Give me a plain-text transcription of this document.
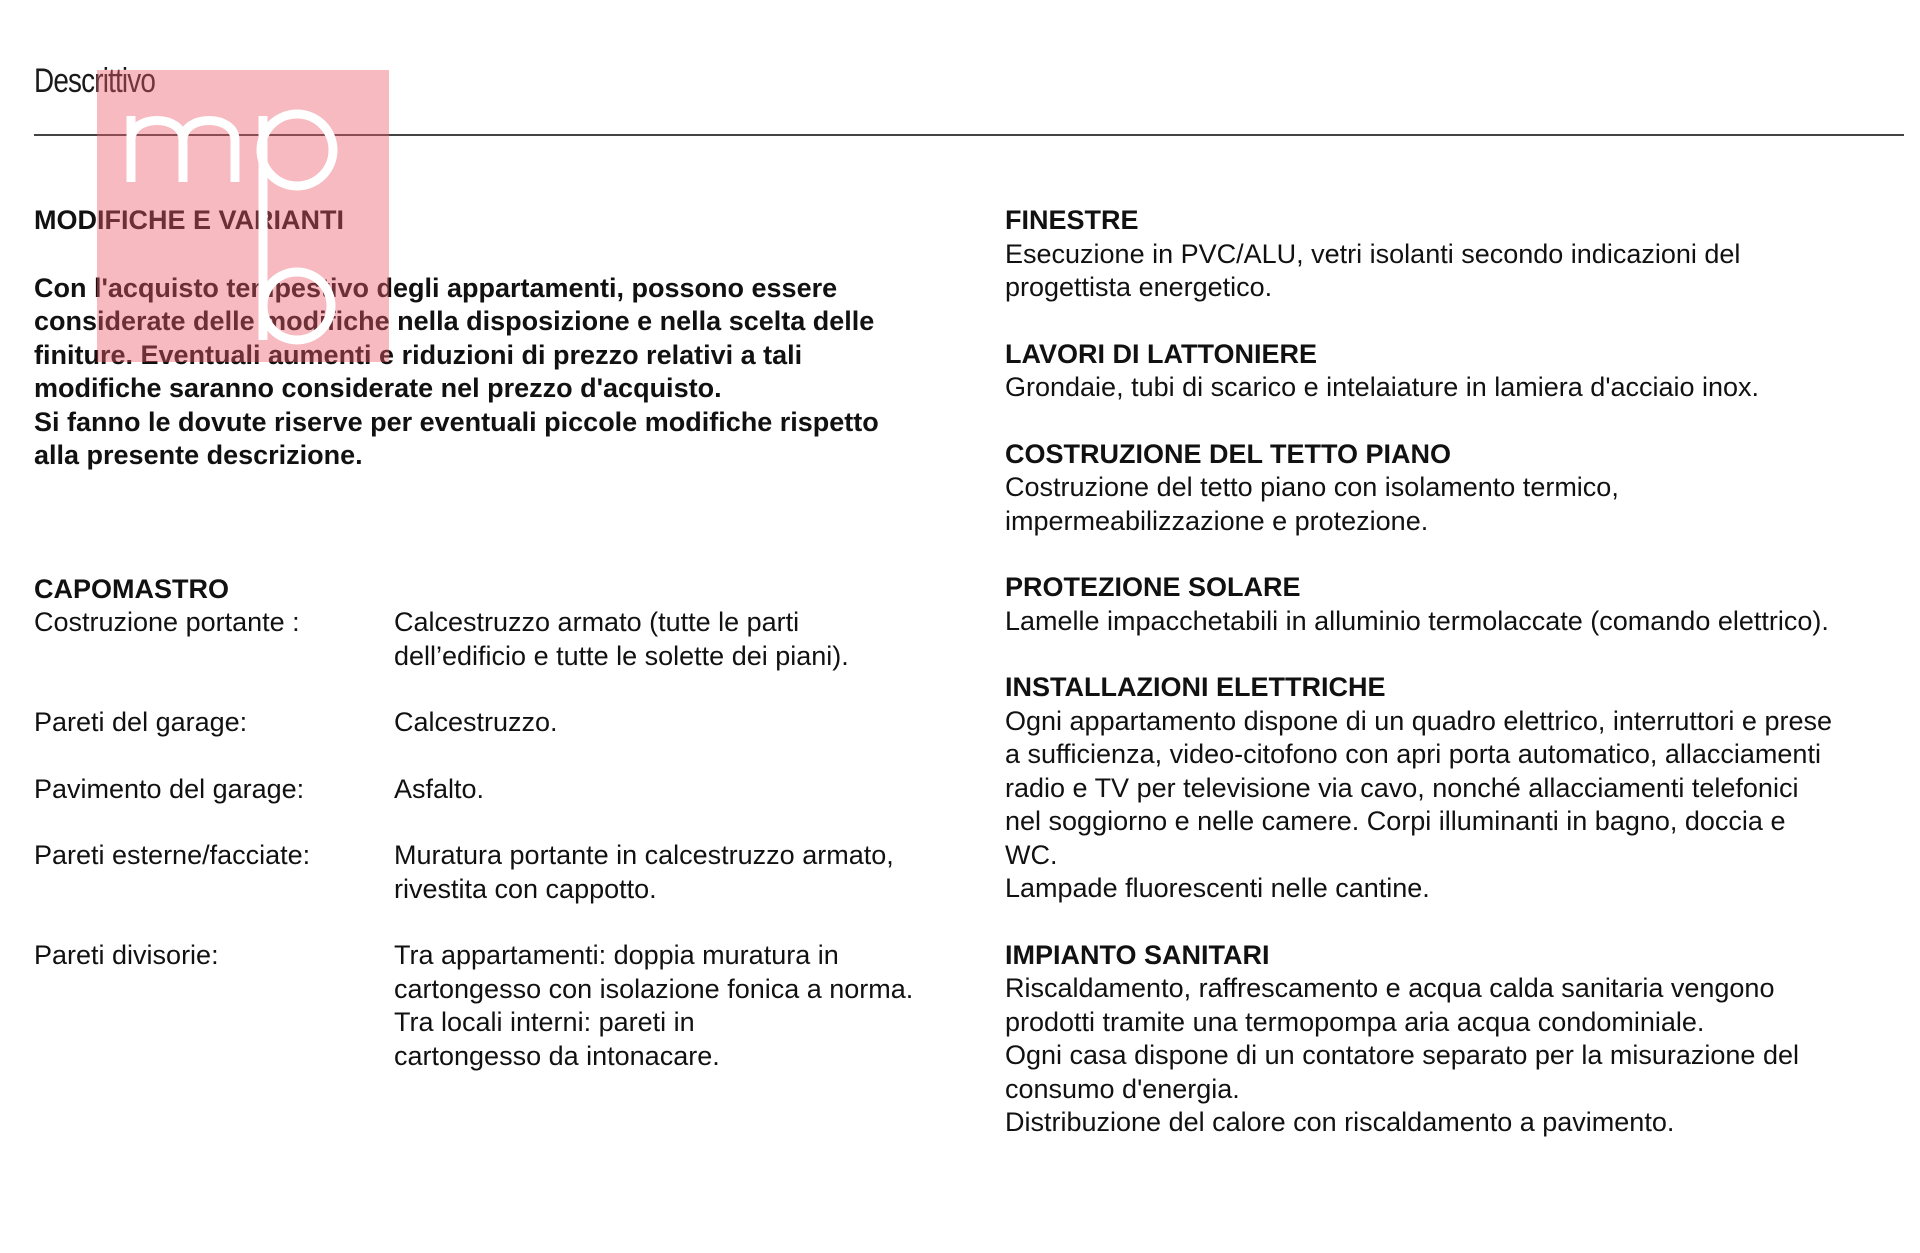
Descrittivo
MODIFICHE E VARIANTI
Con l'acquisto tempestivo degli appartamenti, possono essere
considerate delle modifiche nella disposizione e nella scelta delle
finiture. Eventuali aumenti e riduzioni di prezzo relativi a tali
modifiche saranno considerate nel prezzo d'acquisto.
Si fanno le dovute riserve per eventuali piccole modifiche rispetto
alla presente descrizione.
CAPOMASTRO
Costruzione portante :	Calcestruzzo armato (tutte le parti
dell’edificio e tutte le solette dei piani).
Pareti del garage:	Calcestruzzo.
Pavimento del garage:	Asfalto.
Pareti esterne/facciate:	Muratura portante in calcestruzzo armato,
rivestita con cappotto.
Pareti divisorie:	Tra appartamenti: doppia muratura in
cartongesso con isolazione fonica a norma.
Tra locali interni: pareti in
cartongesso da intonacare.
FINESTRE
Esecuzione in PVC/ALU, vetri isolanti secondo indicazioni del
progettista energetico.
LAVORI DI LATTONIERE
Grondaie, tubi di scarico e intelaiature in lamiera d'acciaio inox.
COSTRUZIONE DEL TETTO PIANO
Costruzione del tetto piano con isolamento termico,
impermeabilizzazione e protezione.
PROTEZIONE SOLARE
Lamelle impacchetabili in alluminio termolaccate (comando elettrico).
INSTALLAZIONI ELETTRICHE
Ogni appartamento dispone di un quadro elettrico, interruttori e prese
a sufficienza, video-citofono con apri porta automatico, allacciamenti
radio e TV per televisione via cavo, nonché allacciamenti telefonici
nel soggiorno e nelle camere. Corpi illuminanti in bagno, doccia e
WC.
Lampade fluorescenti nelle cantine.
IMPIANTO SANITARI
Riscaldamento, raffrescamento e acqua calda sanitaria vengono
prodotti tramite una termopompa aria acqua condominiale.
Ogni casa dispone di un contatore separato per la misurazione del
consumo d'energia.
Distribuzione del calore con riscaldamento a pavimento.
